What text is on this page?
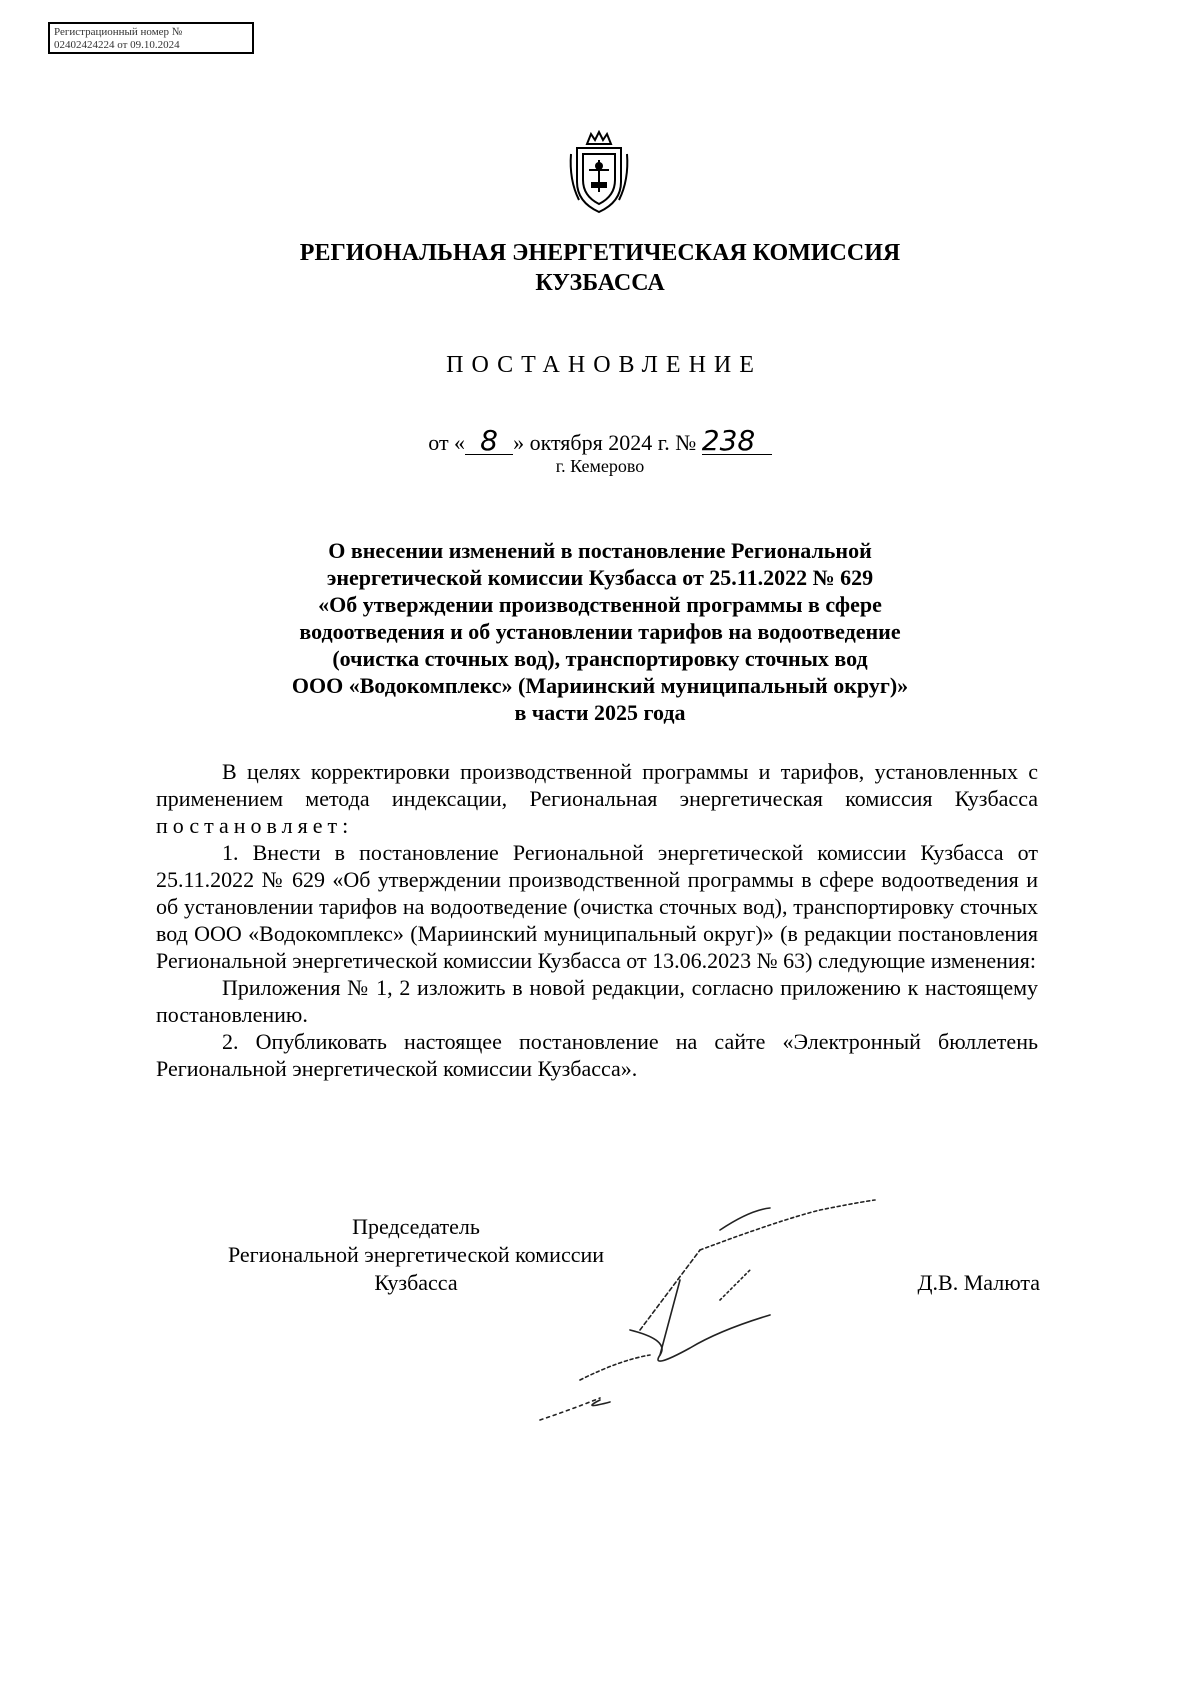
Регистрационный номер №
02402424224 от 09.10.2024
РЕГИОНАЛЬНАЯ ЭНЕРГЕТИЧЕСКАЯ КОМИССИЯ
КУЗБАССА
ПОСТАНОВЛЕНИЕ
от « 8 » октября 2024 г. № 238
г. Кемерово
О внесении изменений в постановление Региональной
энергетической комиссии Кузбасса от 25.11.2022 № 629
«Об утверждении производственной программы в сфере
водоотведения и об установлении тарифов на водоотведение
(очистка сточных вод), транспортировку сточных вод
ООО «Водокомплекс» (Мариинский муниципальный округ)»
в части 2025 года

В целях корректировки производственной программы и тарифов, установленных с применением метода индексации, Региональная энергетическая комиссия Кузбасса постановляет:

1. Внести в постановление Региональной энергетической комиссии Кузбасса от 25.11.2022 № 629 «Об утверждении производственной программы в сфере водоотведения и об установлении тарифов на водоотведение (очистка сточных вод), транспортировку сточных вод ООО «Водокомплекс» (Мариинский муниципальный округ)» (в редакции постановления Региональной энергетической комиссии Кузбасса от 13.06.2023 № 63) следующие изменения:

Приложения № 1, 2 изложить в новой редакции, согласно приложению к настоящему постановлению.

2. Опубликовать настоящее постановление на сайте «Электронный бюллетень Региональной энергетической комиссии Кузбасса».

Председатель
Региональной энергетической комиссии
Кузбасса	Д.В. Малюта
